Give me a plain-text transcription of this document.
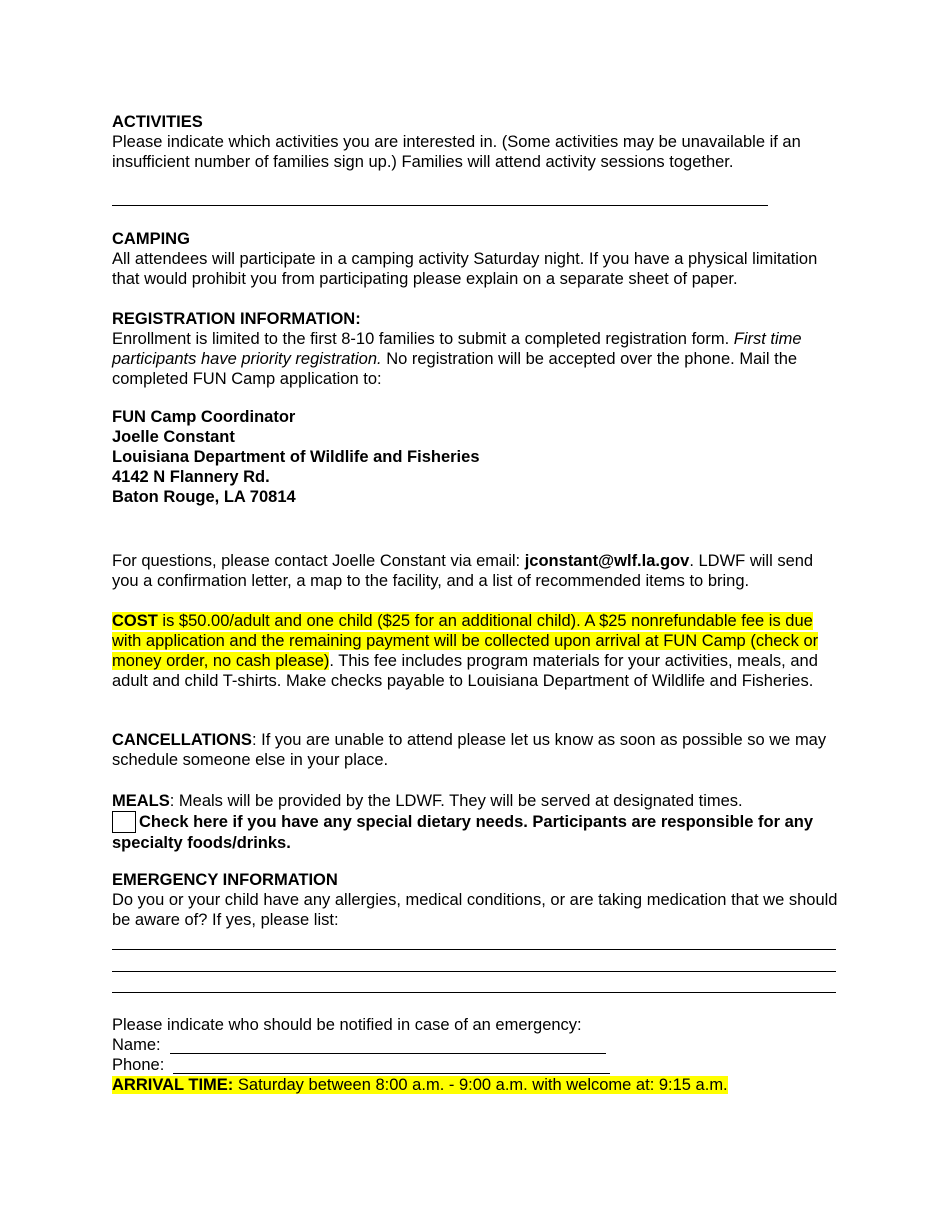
ACTIVITIES
Please indicate which activities you are interested in. (Some activities may be unavailable if an insufficient number of families sign up.) Families will attend activity sessions together.
CAMPING
All attendees will participate in a camping activity Saturday night. If you have a physical limitation that would prohibit you from participating please explain on a separate sheet of paper.
REGISTRATION INFORMATION:
Enrollment is limited to the first 8-10 families to submit a completed registration form. First time participants have priority registration. No registration will be accepted over the phone. Mail the completed FUN Camp application to:
FUN Camp Coordinator
Joelle Constant
Louisiana Department of Wildlife and Fisheries
4142 N Flannery Rd.
Baton Rouge, LA 70814
For questions, please contact Joelle Constant via email: jconstant@wlf.la.gov. LDWF will send you a confirmation letter, a map to the facility, and a list of recommended items to bring.
COST is $50.00/adult and one child ($25 for an additional child). A $25 nonrefundable fee is due with application and the remaining payment will be collected upon arrival at FUN Camp (check or money order, no cash please). This fee includes program materials for your activities, meals, and adult and child T-shirts. Make checks payable to Louisiana Department of Wildlife and Fisheries.
CANCELLATIONS: If you are unable to attend please let us know as soon as possible so we may schedule someone else in your place.
MEALS: Meals will be provided by the LDWF. They will be served at designated times.
Check here if you have any special dietary needs. Participants are responsible for any specialty foods/drinks.
EMERGENCY INFORMATION
Do you or your child have any allergies, medical conditions, or are taking medication that we should be aware of? If yes, please list:
Please indicate who should be notified in case of an emergency:
Name:
Phone:
ARRIVAL TIME: Saturday between 8:00 a.m. - 9:00 a.m. with welcome at: 9:15 a.m.
